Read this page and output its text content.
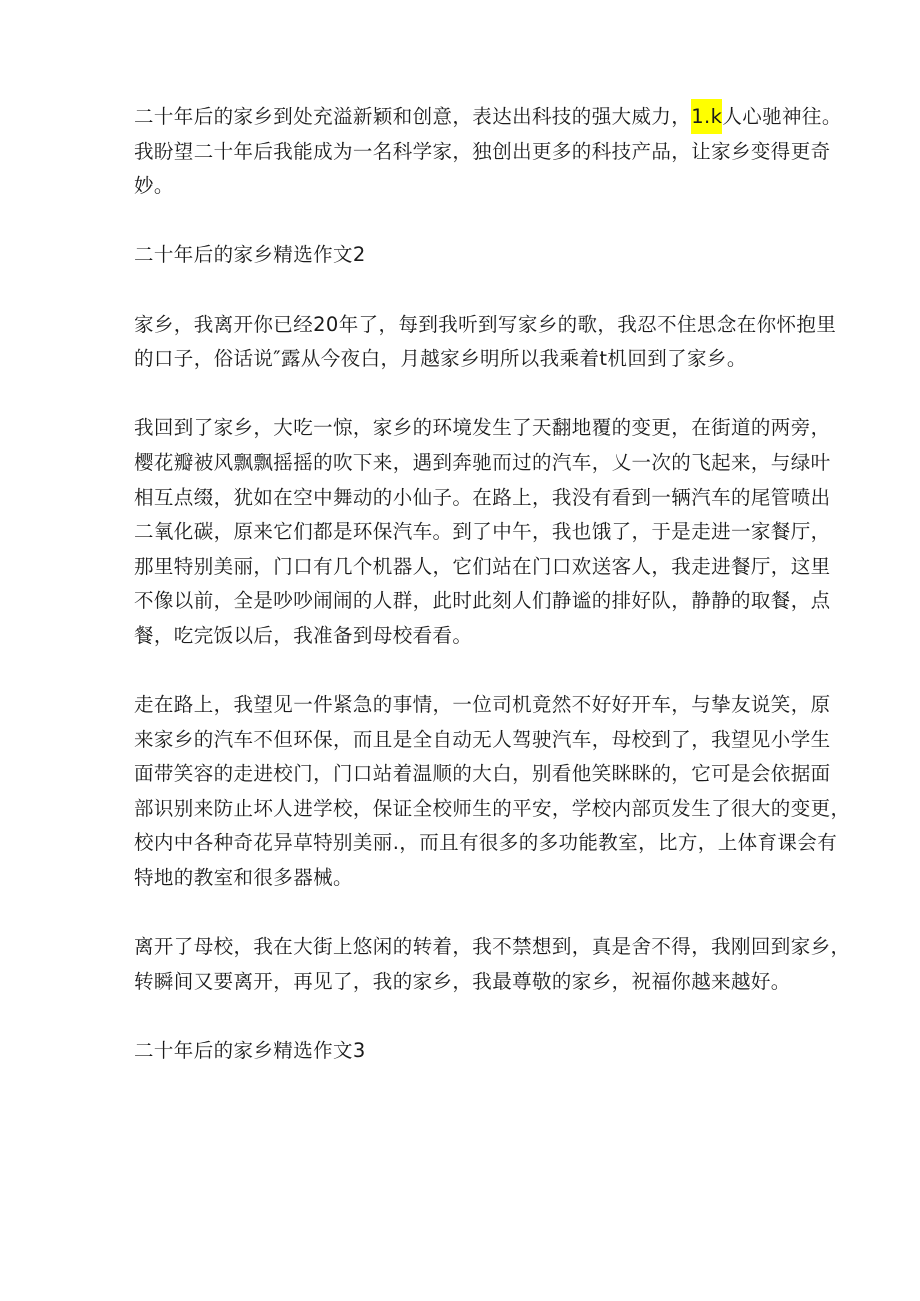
二十年后的家乡到处充溢新颖和创意，表达出科技的强大威力，1.k人心驰神往。
我盼望二十年后我能成为一名科学家，独创出更多的科技产品，让家乡变得更奇
妙。
二十年后的家乡精选作文2
家乡，我离开你已经20年了，每到我听到写家乡的歌，我忍不住思念在你怀抱里
的口子，俗话说″露从今夜白，月越家乡明所以我乘着t机回到了家乡。
我回到了家乡，大吃一惊，家乡的环境发生了天翻地覆的变更，在街道的两旁，
樱花瓣被风飘飘摇摇的吹下来，遇到奔驰而过的汽车，乂一次的飞起来，与绿叶
相互点缀，犹如在空中舞动的小仙子。在路上，我没有看到一辆汽车的尾管喷出
二氧化碳，原来它们都是环保汽车。到了中午，我也饿了，于是走进一家餐厅，
那里特别美丽，门口有几个机器人，它们站在门口欢送客人，我走进餐厅，这里
不像以前，全是吵吵闹闹的人群，此时此刻人们静谧的排好队，静静的取餐，点
餐，吃完饭以后，我准备到母校看看。
走在路上，我望见一件紧急的事情，一位司机竟然不好好开车，与挚友说笑，原
来家乡的汽车不但环保，而且是全自动无人驾驶汽车，母校到了，我望见小学生
面带笑容的走进校门，门口站着温顺的大白，别看他笑眯眯的，它可是会依据面
部识别来防止坏人进学校，保证全校师生的平安，学校内部页发生了很大的变更，
校内中各种奇花异草特别美丽.，而且有很多的多功能教室，比方，上体育课会有
特地的教室和很多器械。
离开了母校，我在大街上悠闲的转着，我不禁想到，真是舍不得，我刚回到家乡，
转瞬间又要离开，再见了，我的家乡，我最尊敬的家乡，祝福你越来越好。
二十年后的家乡精选作文3
